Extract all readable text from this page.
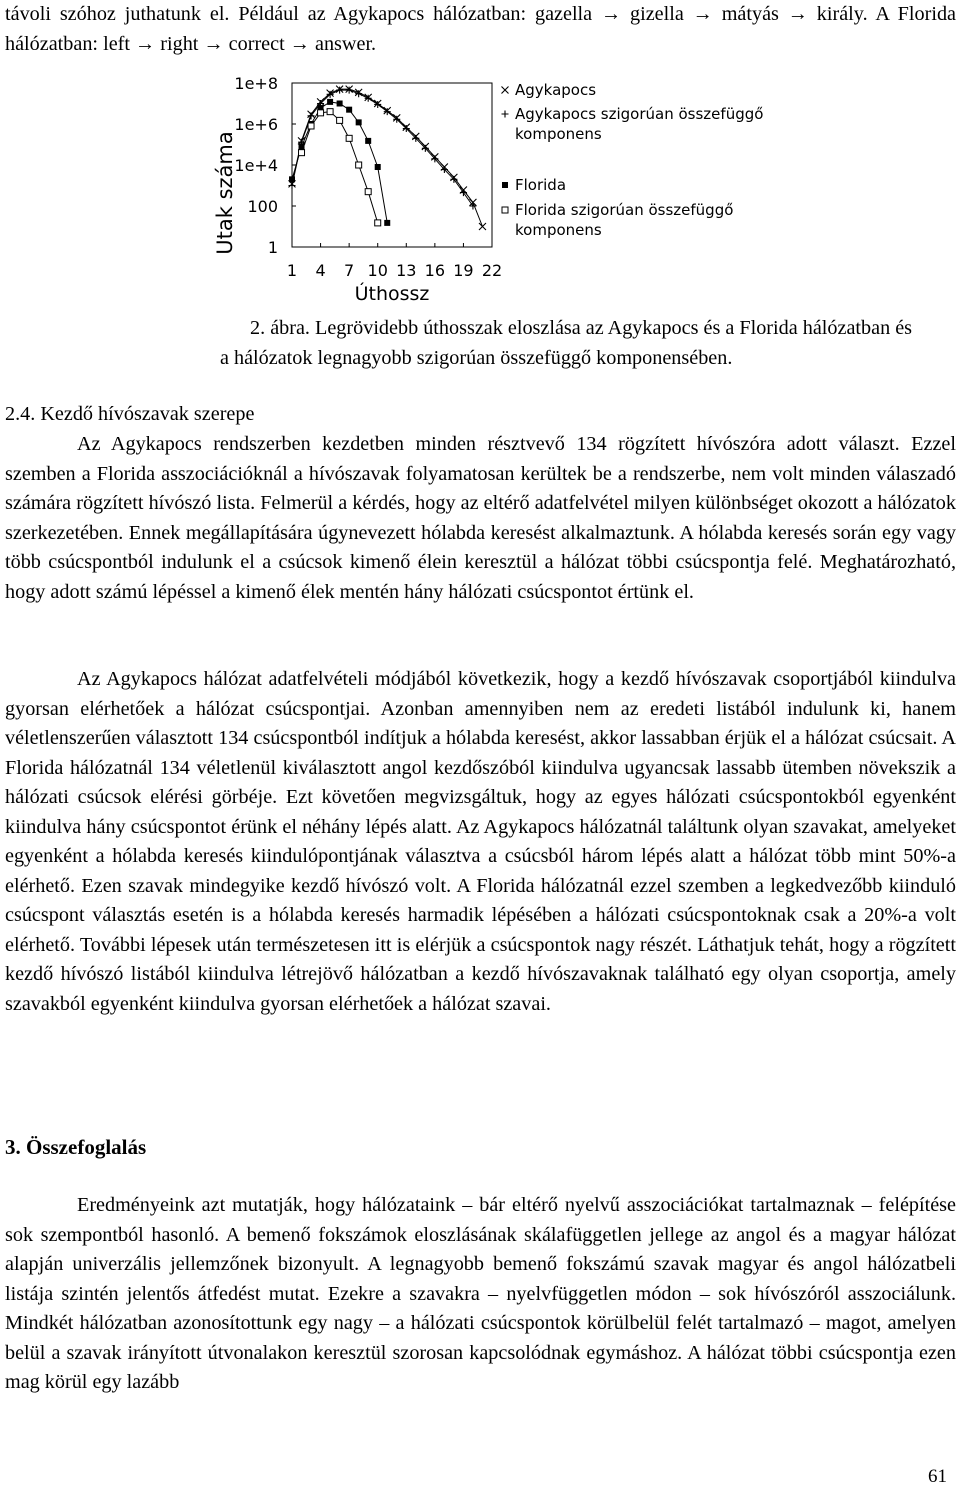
távoli szóhoz juthatunk el. Például az Agykapocs hálózatban: gazella → gizella → mátyás → király. A Florida hálózatban: left → right → correct → answer.

Utak száma
Úthossz
1e+8
1e+6
1e+4
100
1
1 4 7 10 13 16 19 22
Agykapocs
Agykapocs szigorúan összefüggő komponens
Florida
Florida szigorúan összefüggő komponens

2. ábra. Legrövidebb úthosszak eloszlása az Agykapocs és a Florida hálózatban és a hálózatok legnagyobb szigorúan összefüggő komponensében.

2.4. Kezdő hívószavak szerepe

Az Agykapocs rendszerben kezdetben minden résztvevő 134 rögzített hívószóra adott választ. Ezzel szemben a Florida asszociációknál a hívószavak folyamatosan kerültek be a rendszerbe, nem volt minden válaszadó számára rögzített hívószó lista. Felmerül a kérdés, hogy az eltérő adatfelvétel milyen különbséget okozott a hálózatok szerkezetében. Ennek megállapítására úgynevezett hólabda keresést alkalmaztunk. A hólabda keresés során egy vagy több csúcspontból indulunk el a csúcsok kimenő élein keresztül a hálózat többi csúcspontja felé. Meghatározható, hogy adott számú lépéssel a kimenő élek mentén hány hálózati csúcspontot értünk el.

Az Agykapocs hálózat adatfelvételi módjából következik, hogy a kezdő hívószavak csoportjából kiindulva gyorsan elérhetőek a hálózat csúcspontjai. Azonban amennyiben nem az eredeti listából indulunk ki, hanem véletlenszerűen választott 134 csúcspontból indítjuk a hólabda keresést, akkor lassabban érjük el a hálózat csúcsait. A Florida hálózatnál 134 véletlenül kiválasztott angol kezdőszóból kiindulva ugyancsak lassabb ütemben növekszik a hálózati csúcsok elérési görbéje. Ezt követően megvizsgáltuk, hogy az egyes hálózati csúcspontokból egyenként kiindulva hány csúcspontot érünk el néhány lépés alatt. Az Agykapocs hálózatnál találtunk olyan szavakat, amelyeket egyenként a hólabda keresés kiindulópontjának választva a csúcsból három lépés alatt a hálózat több mint 50%-a elérhető. Ezen szavak mindegyike kezdő hívószó volt. A Florida hálózatnál ezzel szemben a legkedvezőbb kiinduló csúcspont választás esetén is a hólabda keresés harmadik lépésében a hálózati csúcspontoknak csak a 20%-a volt elérhető. További lépesek után természetesen itt is elérjük a csúcspontok nagy részét. Láthatjuk tehát, hogy a rögzített kezdő hívószó listából kiindulva létrejövő hálózatban a kezdő hívószavaknak található egy olyan csoportja, amely szavakból egyenként kiindulva gyorsan elérhetőek a hálózat szavai.

3. Összefoglalás

Eredményeink azt mutatják, hogy hálózataink – bár eltérő nyelvű asszociációkat tartalmaznak – felépítése sok szempontból hasonló. A bemenő fokszámok eloszlásának skálafüggetlen jellege az angol és a magyar hálózat alapján univerzális jellemzőnek bizonyult. A legnagyobb bemenő fokszámú szavak magyar és angol hálózatbeli listája szintén jelentős átfedést mutat. Ezekre a szavakra – nyelvfüggetlen módon – sok hívószóról asszociálunk. Mindkét hálózatban azonosítottunk egy nagy – a hálózati csúcspontok körülbelül felét tartalmazó – magot, amelyen belül a szavak irányított útvonalakon keresztül szorosan kapcsolódnak egymáshoz. A hálózat többi csúcspontja ezen mag körül egy lazább

61
